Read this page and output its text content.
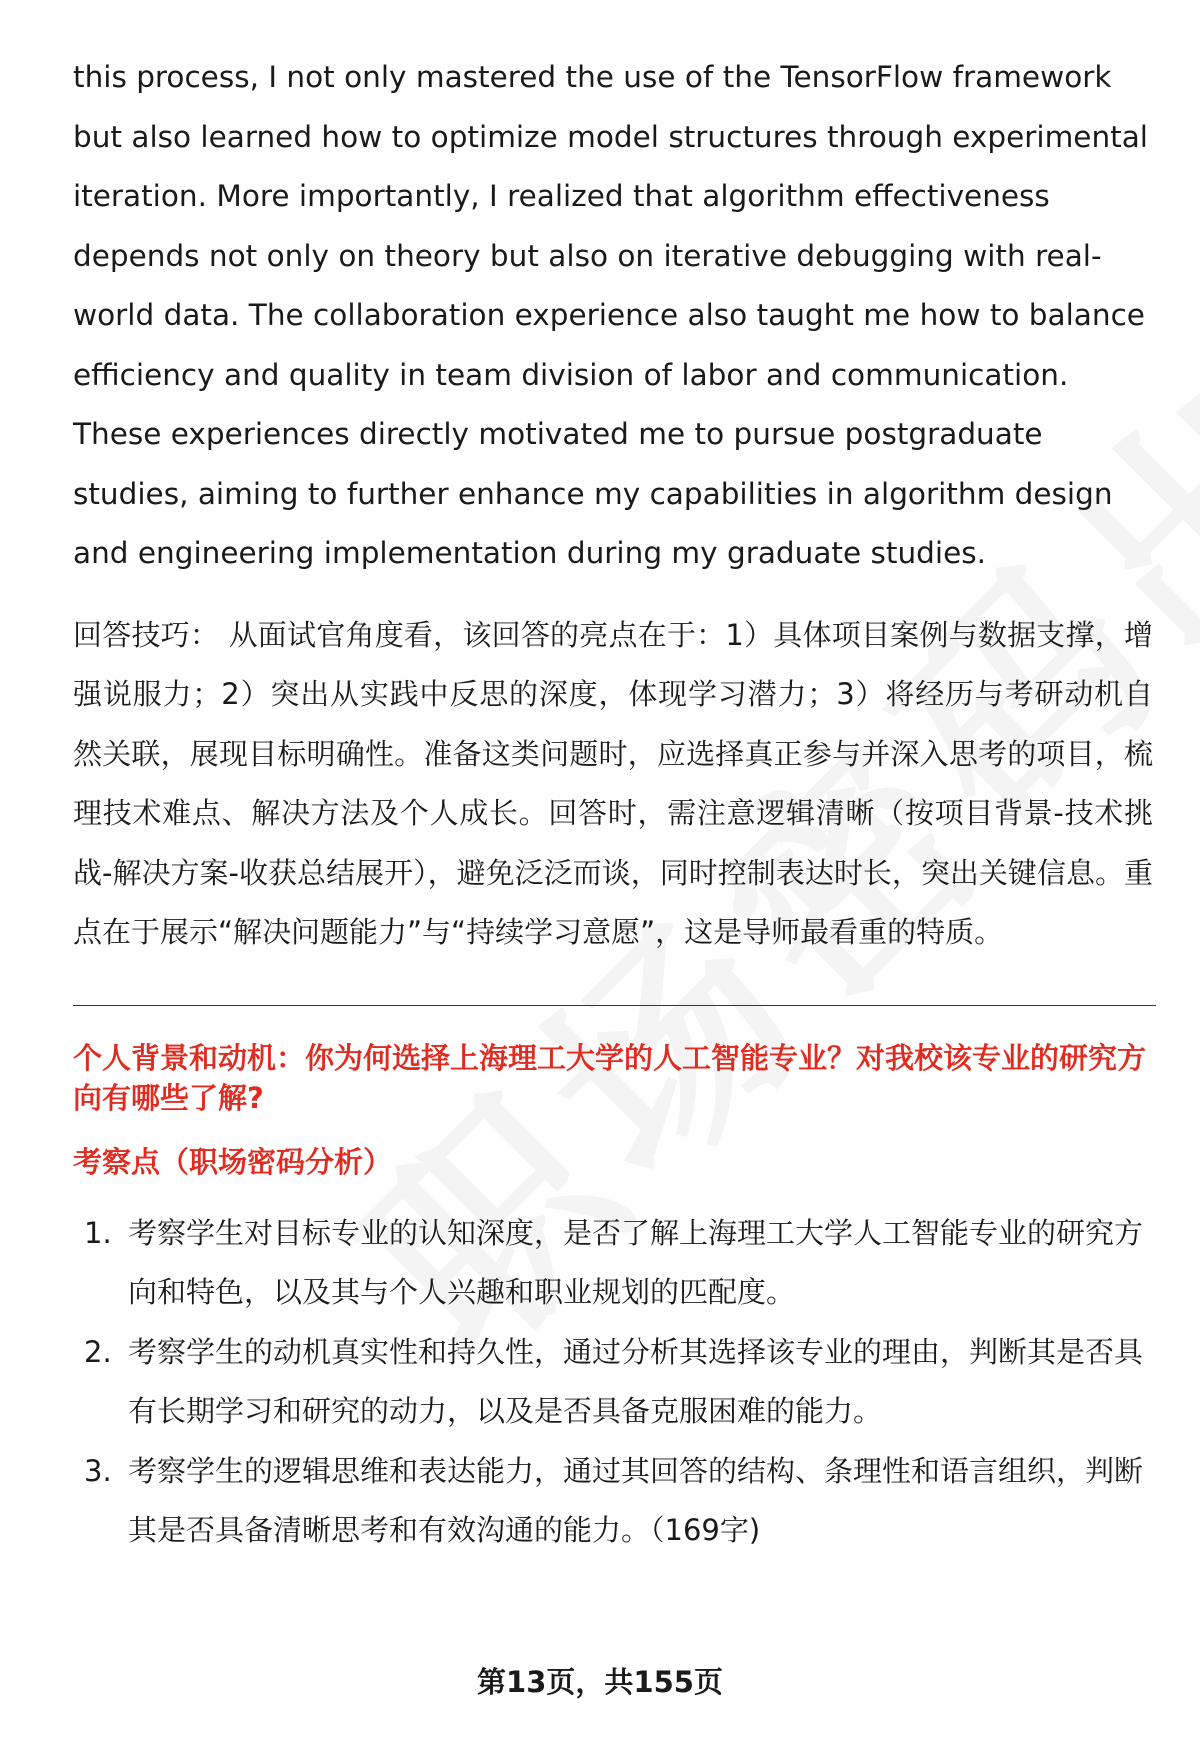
this process, I not only mastered the use of the TensorFlow framework but also learned how to optimize model structures through experimental iteration. More importantly, I realized that algorithm effectiveness depends not only on theory but also on iterative debugging with real-world data. The collaboration experience also taught me how to balance efficiency and quality in team division of labor and communication. These experiences directly motivated me to pursue postgraduate studies, aiming to further enhance my capabilities in algorithm design and engineering implementation during my graduate studies.

回答技巧： 从面试官角度看，该回答的亮点在于：1）具体项目案例与数据支撑，增强说服力；2）突出从实践中反思的深度，体现学习潜力；3）将经历与考研动机自然关联，展现目标明确性。准备这类问题时，应选择真正参与并深入思考的项目，梳理技术难点、解决方法及个人成长。回答时，需注意逻辑清晰（按项目背景-技术挑战-解决方案-收获总结展开），避免泛泛而谈，同时控制表达时长，突出关键信息。重点在于展示“解决问题能力”与“持续学习意愿”，这是导师最看重的特质。

个人背景和动机：你为何选择上海理工大学的人工智能专业？对我校该专业的研究方向有哪些了解?
考察点（职场密码分析）
1. 考察学生对目标专业的认知深度，是否了解上海理工大学人工智能专业的研究方向和特色，以及其与个人兴趣和职业规划的匹配度。
2. 考察学生的动机真实性和持久性，通过分析其选择该专业的理由，判断其是否具有长期学习和研究的动力，以及是否具备克服困难的能力。
3. 考察学生的逻辑思维和表达能力，通过其回答的结构、条理性和语言组织，判断其是否具备清晰思考和有效沟通的能力。（169字)
第13页，共155页
